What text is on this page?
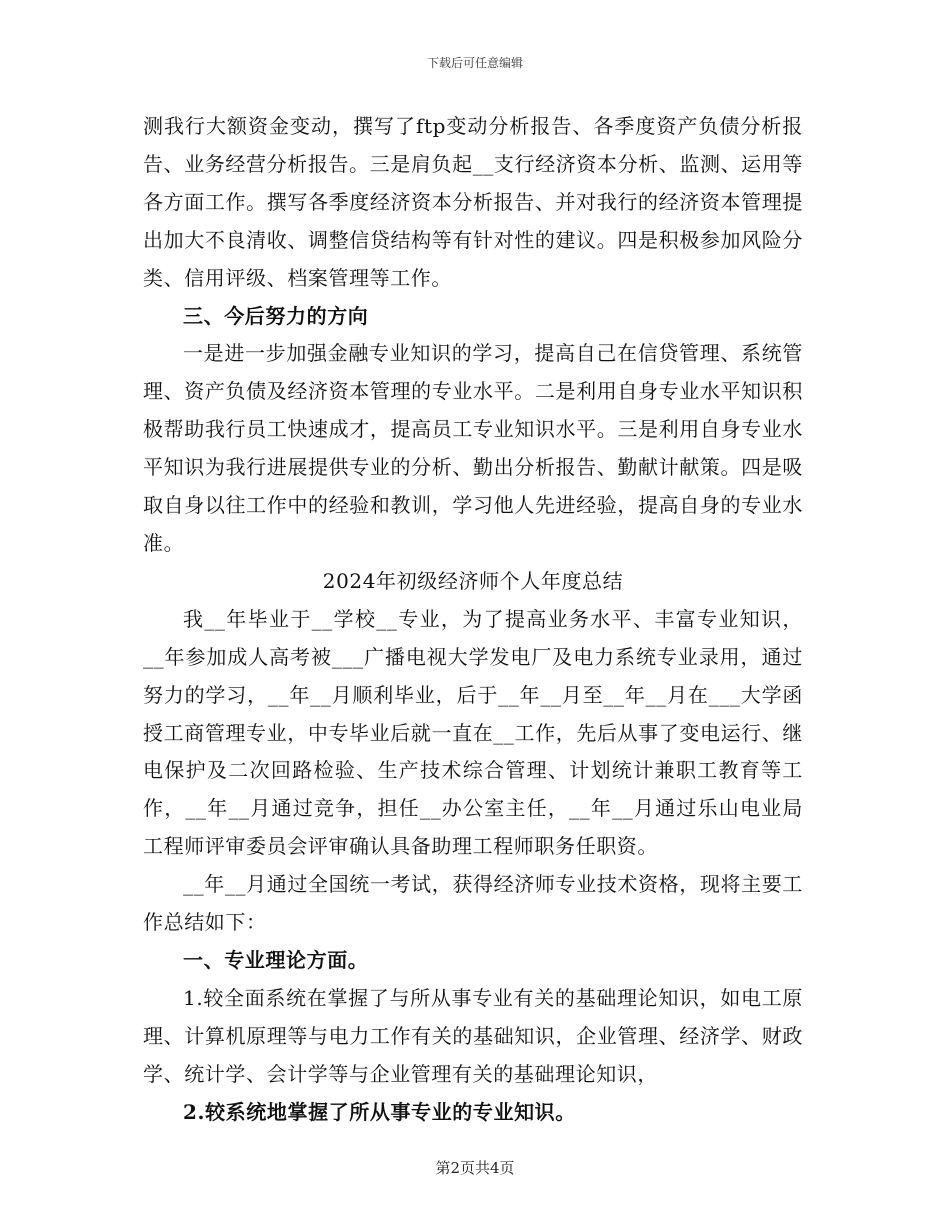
下载后可任意编辑

测我行大额资金变动，撰写了ftp变动分析报告、各季度资产负债分析报告、业务经营分析报告。三是肩负起__支行经济资本分析、监测、运用等各方面工作。撰写各季度经济资本分析报告、并对我行的经济资本管理提出加大不良清收、调整信贷结构等有针对性的建议。四是积极参加风险分类、信用评级、档案管理等工作。

三、今后努力的方向

一是进一步加强金融专业知识的学习，提高自己在信贷管理、系统管理、资产负债及经济资本管理的专业水平。二是利用自身专业水平知识积极帮助我行员工快速成才，提高员工专业知识水平。三是利用自身专业水平知识为我行进展提供专业的分析、勤出分析报告、勤献计献策。四是吸取自身以往工作中的经验和教训，学习他人先进经验，提高自身的专业水准。

2024年初级经济师个人年度总结

我__年毕业于__学校__专业，为了提高业务水平、丰富专业知识，__年参加成人高考被___广播电视大学发电厂及电力系统专业录用，通过努力的学习，__年__月顺利毕业，后于__年__月至__年__月在___大学函授工商管理专业，中专毕业后就一直在__工作，先后从事了变电运行、继电保护及二次回路检验、生产技术综合管理、计划统计兼职工教育等工作，__年__月通过竞争，担任__办公室主任，__年__月通过乐山电业局工程师评审委员会评审确认具备助理工程师职务任职资。

__年__月通过全国统一考试，获得经济师专业技术资格，现将主要工作总结如下：

一、专业理论方面。

1.较全面系统在掌握了与所从事专业有关的基础理论知识，如电工原理、计算机原理等与电力工作有关的基础知识，企业管理、经济学、财政学、统计学、会计学等与企业管理有关的基础理论知识，

2.较系统地掌握了所从事专业的专业知识。

第2页共4页
